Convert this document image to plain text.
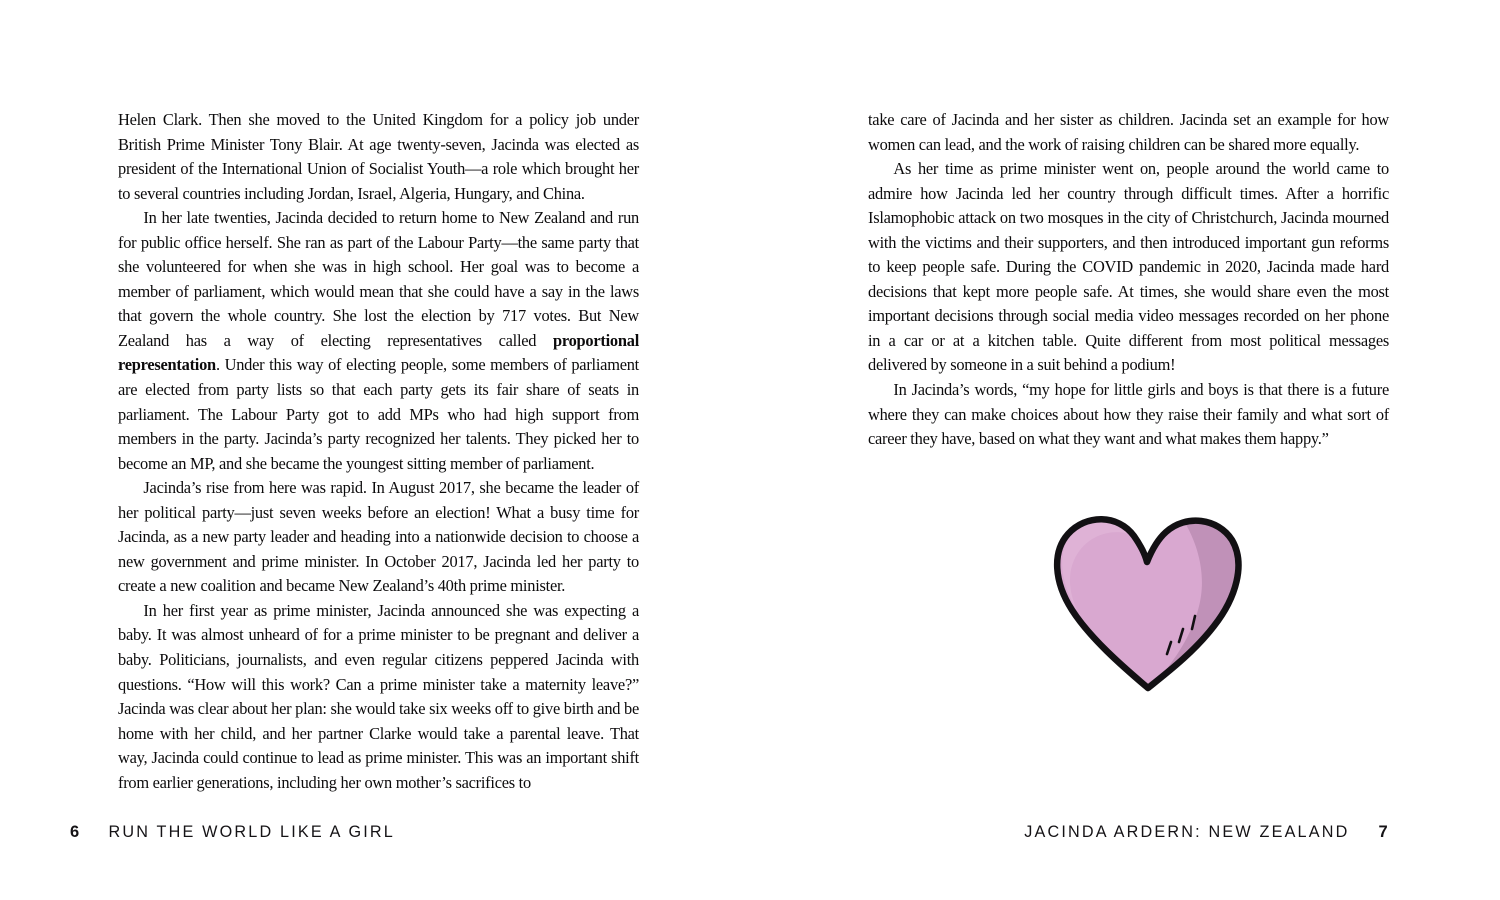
Helen Clark. Then she moved to the United Kingdom for a policy job under British Prime Minister Tony Blair. At age twenty-seven, Jacinda was elected as president of the International Union of Socialist Youth—a role which brought her to several countries including Jordan, Israel, Algeria, Hungary, and China.

In her late twenties, Jacinda decided to return home to New Zealand and run for public office herself. She ran as part of the Labour Party—the same party that she volunteered for when she was in high school. Her goal was to become a member of parliament, which would mean that she could have a say in the laws that govern the whole country. She lost the election by 717 votes. But New Zealand has a way of electing representatives called proportional representation. Under this way of electing people, some members of parliament are elected from party lists so that each party gets its fair share of seats in parliament. The Labour Party got to add MPs who had high support from members in the party. Jacinda’s party recognized her talents. They picked her to become an MP, and she became the youngest sitting member of parliament.

Jacinda’s rise from here was rapid. In August 2017, she became the leader of her political party—just seven weeks before an election! What a busy time for Jacinda, as a new party leader and heading into a nationwide decision to choose a new government and prime minister. In October 2017, Jacinda led her party to create a new coalition and became New Zealand’s 40th prime minister.

In her first year as prime minister, Jacinda announced she was expecting a baby. It was almost unheard of for a prime minister to be pregnant and deliver a baby. Politicians, journalists, and even regular citizens peppered Jacinda with questions. “How will this work? Can a prime minister take a maternity leave?” Jacinda was clear about her plan: she would take six weeks off to give birth and be home with her child, and her partner Clarke would take a parental leave. That way, Jacinda could continue to lead as prime minister. This was an important shift from earlier generations, including her own mother’s sacrifices to

6 RUN THE WORLD LIKE A GIRL

take care of Jacinda and her sister as children. Jacinda set an example for how women can lead, and the work of raising children can be shared more equally.

As her time as prime minister went on, people around the world came to admire how Jacinda led her country through difficult times. After a horrific Islamophobic attack on two mosques in the city of Christchurch, Jacinda mourned with the victims and their supporters, and then introduced important gun reforms to keep people safe. During the COVID pandemic in 2020, Jacinda made hard decisions that kept more people safe. At times, she would share even the most important decisions through social media video messages recorded on her phone in a car or at a kitchen table. Quite different from most political messages delivered by someone in a suit behind a podium!

In Jacinda’s words, “my hope for little girls and boys is that there is a future where they can make choices about how they raise their family and what sort of career they have, based on what they want and what makes them happy.”

JACINDA ARDERN: NEW ZEALAND 7
